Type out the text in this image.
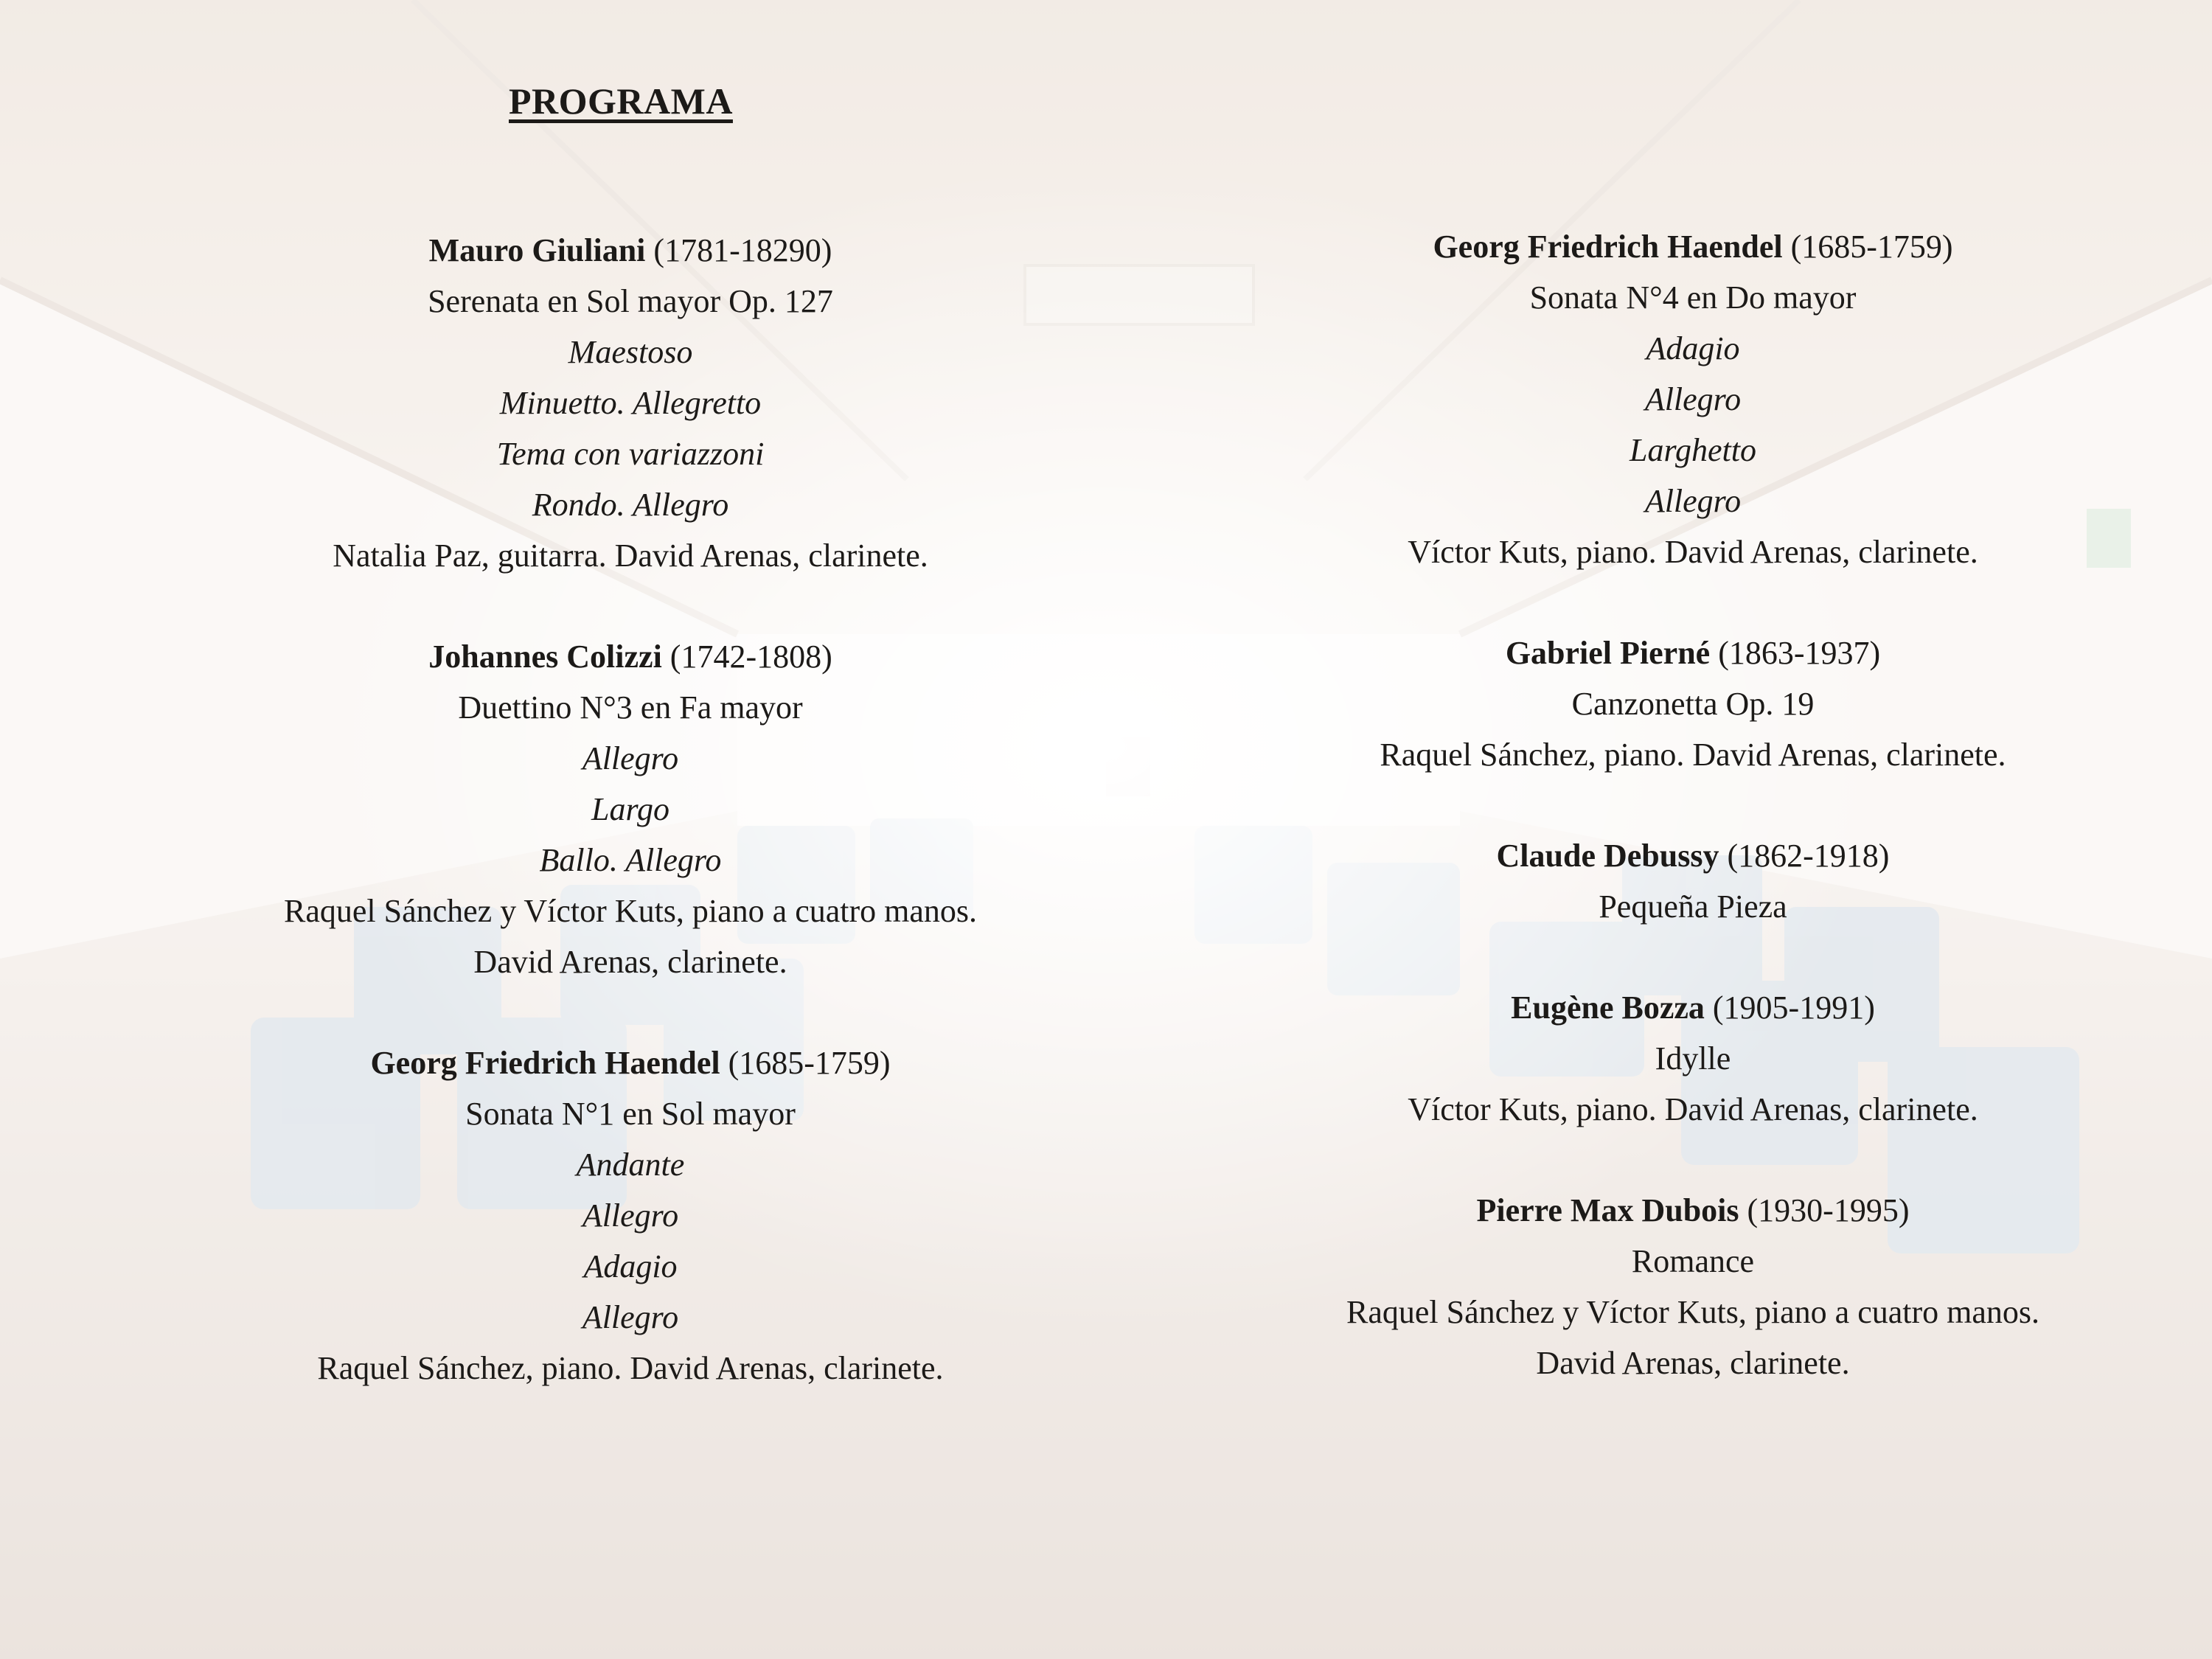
PROGRAMA
Mauro Giuliani (1781-18290)
Serenata en Sol mayor Op. 127
Maestoso
Minuetto. Allegretto
Tema con variazzoni
Rondo. Allegro
Natalia Paz, guitarra. David Arenas, clarinete.
Johannes Colizzi (1742-1808)
Duettino N°3 en Fa mayor
Allegro
Largo
Ballo. Allegro
Raquel Sánchez y Víctor Kuts, piano a cuatro manos.
David Arenas, clarinete.
Georg Friedrich Haendel (1685-1759)
Sonata N°1 en Sol mayor
Andante
Allegro
Adagio
Allegro
Raquel Sánchez, piano. David Arenas, clarinete.
Georg Friedrich Haendel (1685-1759)
Sonata N°4 en Do mayor
Adagio
Allegro
Larghetto
Allegro
Víctor Kuts, piano. David Arenas, clarinete.
Gabriel Pierné (1863-1937)
Canzonetta Op. 19
Raquel Sánchez, piano. David Arenas, clarinete.
Claude Debussy (1862-1918)
Pequeña Pieza
Eugène Bozza (1905-1991)
Idylle
Víctor Kuts, piano. David Arenas, clarinete.
Pierre Max Dubois (1930-1995)
Romance
Raquel Sánchez y Víctor Kuts, piano a cuatro manos.
David Arenas, clarinete.
